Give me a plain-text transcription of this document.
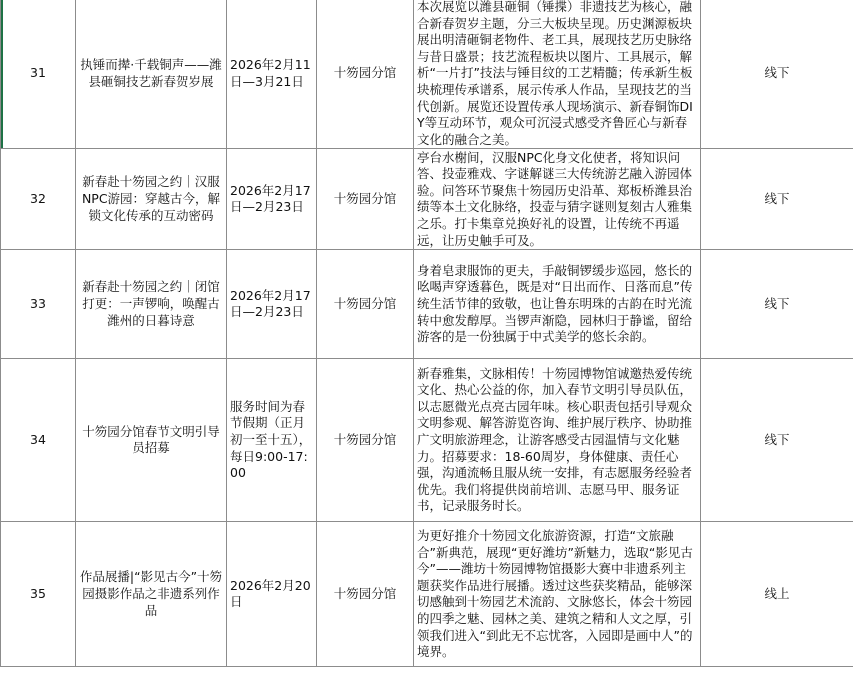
31	执锤而撵·千载铜声——潍县砸铜技艺新春贺岁展	2026年2月11日—3月21日	十笏园分馆	本次展览以潍县砸铜（锤揲）非遗技艺为核心，融合新春贺岁主题，分三大板块呈现。历史渊源板块展出明清砸铜老物件、老工具，展现技艺历史脉络与昔日盛景；技艺流程板块以图片、工具展示，解析“一片打”技法与锤目纹的工艺精髓；传承新生板块梳理传承谱系，展示传承人作品，呈现技艺的当代创新。展览还设置传承人现场演示、新春铜饰DIY等互动环节，观众可沉浸式感受齐鲁匠心与新春文化的融合之美。	线下
32	新春赴十笏园之约｜汉服NPC游园：穿越古今，解锁文化传承的互动密码	2026年2月17日—2月23日	十笏园分馆	亭台水榭间，汉服NPC化身文化使者，将知识问答、投壶雅戏、字谜解谜三大传统游艺融入游园体验。问答环节聚焦十笏园历史沿革、郑板桥潍县治绩等本土文化脉络，投壶与猜字谜则复刻古人雅集之乐。打卡集章兑换好礼的设置，让传统不再遥远，让历史触手可及。	线下
33	新春赴十笏园之约｜闭馆打更：一声锣响，唤醒古潍州的日暮诗意	2026年2月17日—2月23日	十笏园分馆	身着皂隶服饰的更夫，手敲铜锣缓步巡园，悠长的吆喝声穿透暮色，既是对“日出而作、日落而息”传统生活节律的致敬，也让鲁东明珠的古韵在时光流转中愈发醇厚。当锣声渐隐，园林归于静谧，留给游客的是一份独属于中式美学的悠长余韵。	线下
34	十笏园分馆春节文明引导员招募	服务时间为春节假期（正月初一至十五），每日9:00-17:00	十笏园分馆	新春雅集，文脉相传！十笏园博物馆诚邀热爱传统文化、热心公益的你，加入春节文明引导员队伍，以志愿微光点亮古园年味。核心职责包括引导观众文明参观、解答游览咨询、维护展厅秩序、协助推广文明旅游理念，让游客感受古园温情与文化魅力。招募要求：18-60周岁，身体健康、责任心强，沟通流畅且服从统一安排，有志愿服务经验者优先。我们将提供岗前培训、志愿马甲、服务证书，记录服务时长。	线下
35	作品展播|“影见古今”十笏园摄影作品之非遗系列作品	2026年2月20日	十笏园分馆	为更好推介十笏园文化旅游资源，打造“文旅融合”新典范，展现“更好潍坊”新魅力，选取“影见古今”——潍坊十笏园博物馆摄影大赛中非遗系列主题获奖作品进行展播。透过这些获奖精品，能够深切感触到十笏园艺术流韵、文脉悠长，体会十笏园的四季之魅、园林之美、建筑之精和人文之厚，引领我们进入“到此无不忘忧客，入园即是画中人”的境界。	线上
